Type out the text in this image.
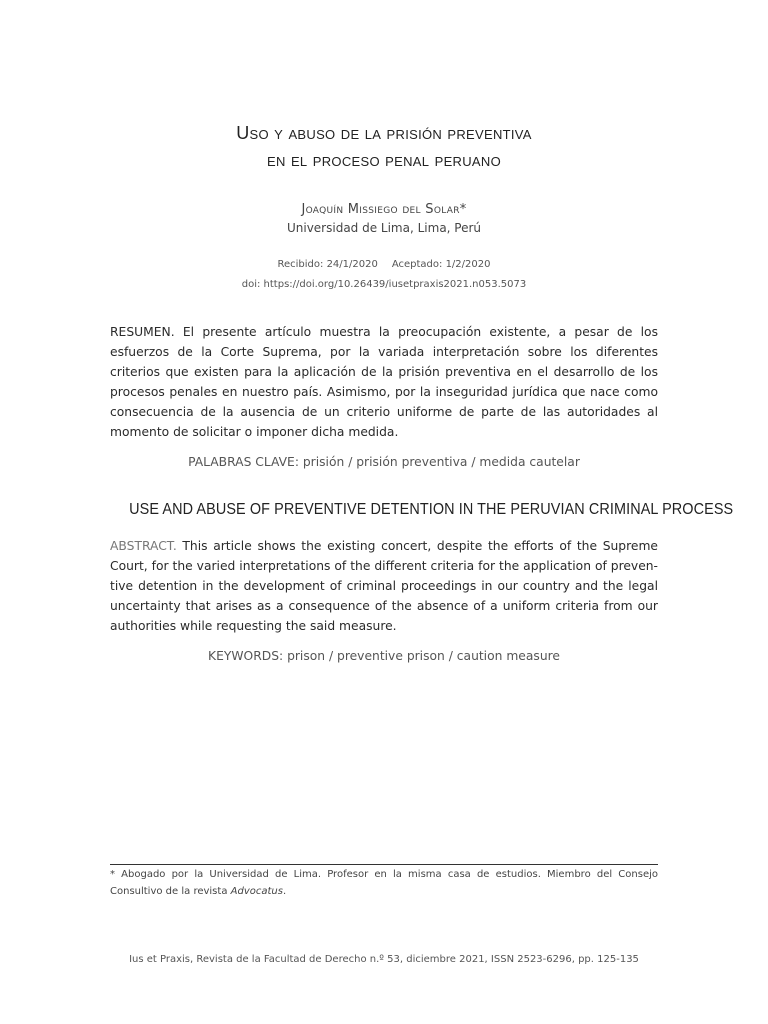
Uso y abuso de la prisión preventiva
en el proceso penal peruano
Joaquín Missiego del Solar*
Universidad de Lima, Lima, Perú
Recibido: 24/1/2020 Aceptado: 1/2/2020
doi: https://doi.org/10.26439/iusetpraxis2021.n053.5073

RESUMEN. El presente artículo muestra la preocupación existente, a pesar de los esfuerzos de la Corte Suprema, por la variada interpretación sobre los diferentes criterios que existen para la aplicación de la prisión preventiva en el desarrollo de los procesos penales en nuestro país. Asimismo, por la inseguridad jurídica que nace como consecuencia de la ausencia de un criterio uniforme de parte de las autoridades al momento de solicitar o imponer dicha medida.

PALABRAS CLAVE: prisión / prisión preventiva / medida cautelar
USE AND ABUSE OF PREVENTIVE DETENTION IN THE PERUVIAN CRIMINAL PROCESS

ABSTRACT. This article shows the existing concert, despite the efforts of the Supreme Court, for the varied interpretations of the different criteria for the application of preven-tive detention in the development of criminal proceedings in our country and the legal uncertainty that arises as a consequence of the absence of a uniform criteria from our authorities while requesting the said measure.

KEYWORDS: prison / preventive prison / caution measure
* Abogado por la Universidad de Lima. Profesor en la misma casa de estudios. Miembro del Consejo Consultivo de la revista Advocatus.
Ius et Praxis, Revista de la Facultad de Derecho n.º 53, diciembre 2021, ISSN 2523-6296, pp. 125-135
